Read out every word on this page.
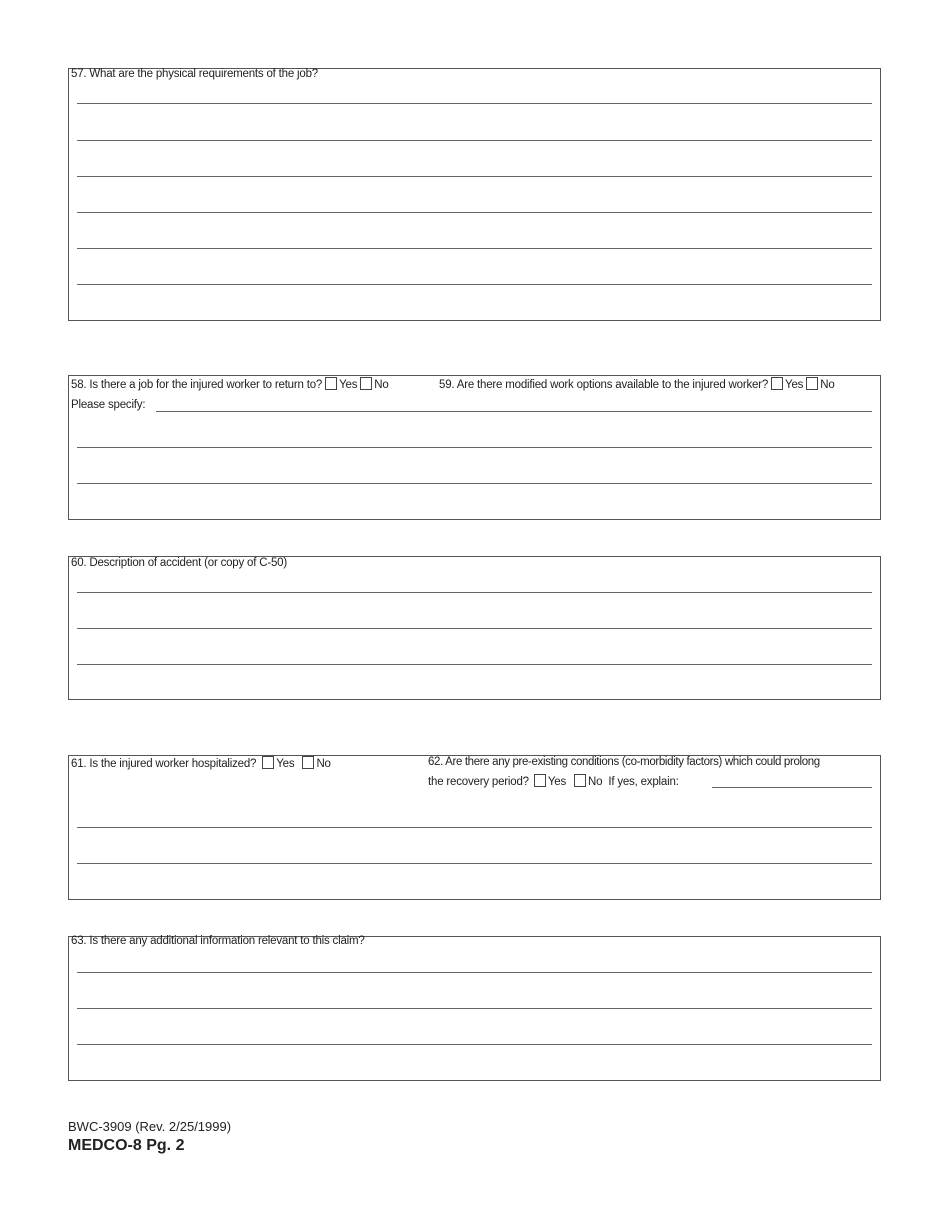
57. What are the physical requirements of the job?
58. Is there a job for the injured worker to return to? Yes No	59. Are there modified work options available to the injured worker? Yes No
Please specify:
60. Description of accident (or copy of C-50)
61. Is the injured worker hospitalized? Yes No	62. Are there any pre-existing conditions (co-morbidity factors) which could prolong
the recovery period? Yes No If yes, explain:
63. Is there any additional information relevant to this claim?
BWC-3909 (Rev. 2/25/1999)
MEDCO-8 Pg. 2
